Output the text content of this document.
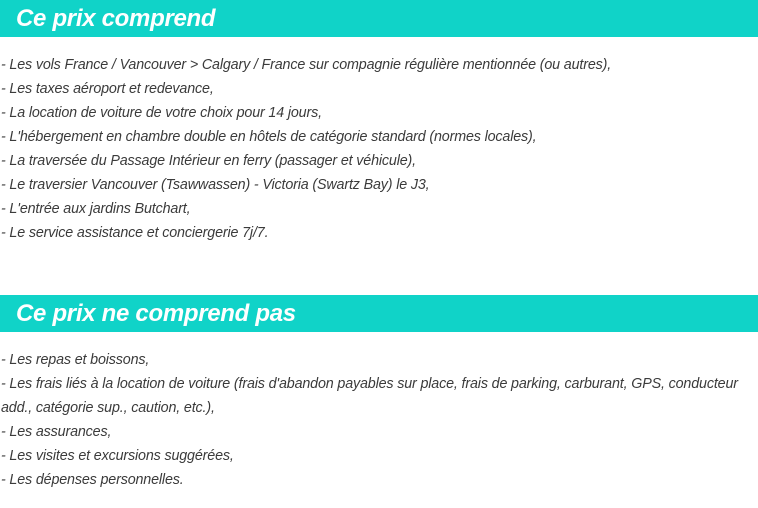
Ce prix comprend
- Les vols France / Vancouver > Calgary / France sur compagnie régulière mentionnée (ou autres),
- Les taxes aéroport et redevance,
- La location de voiture de votre choix pour 14 jours,
- L'hébergement en chambre double en hôtels de catégorie standard (normes locales),
- La traversée du Passage Intérieur en ferry (passager et véhicule),
- Le traversier Vancouver (Tsawwassen) - Victoria (Swartz Bay) le J3,
- L'entrée aux jardins Butchart,
- Le service assistance et conciergerie 7j/7.
Ce prix ne comprend pas
- Les repas et boissons,
- Les frais liés à la location de voiture (frais d'abandon payables sur place, frais de parking, carburant, GPS, conducteur add., catégorie sup., caution, etc.),
- Les assurances,
- Les visites et excursions suggérées,
- Les dépenses personnelles.
